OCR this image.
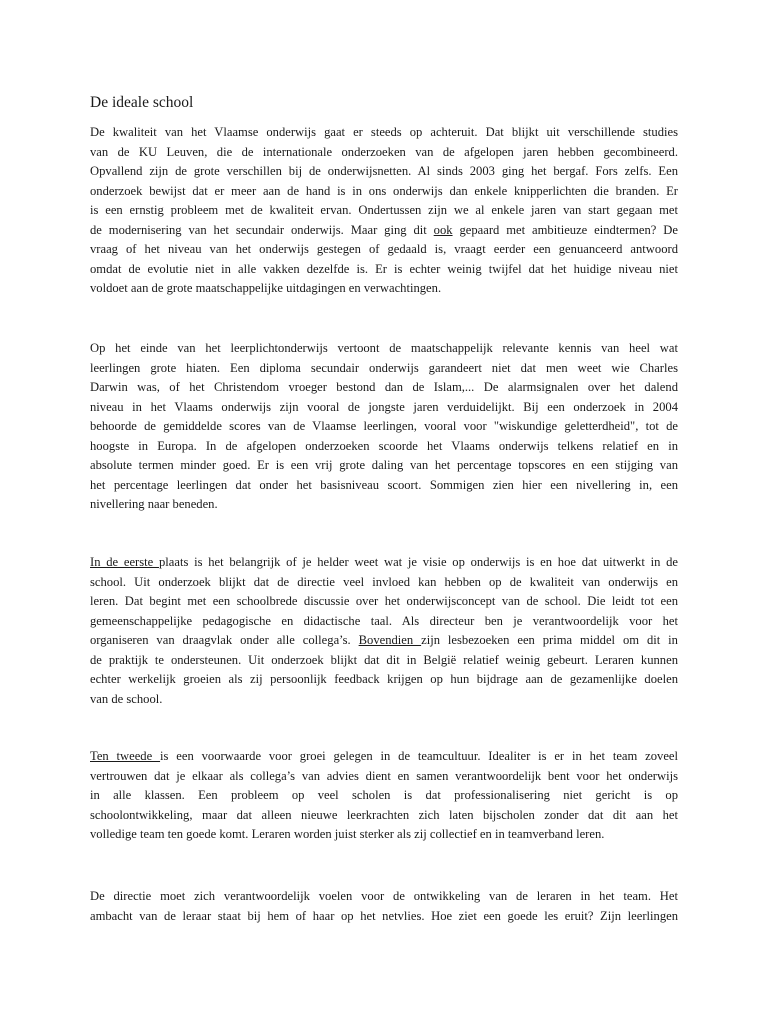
De ideale school
De kwaliteit van het Vlaamse onderwijs gaat er steeds op achteruit. Dat blijkt uit verschillende studies
van de KU Leuven, die de internationale onderzoeken van de afgelopen jaren hebben gecombineerd.
Opvallend zijn de grote verschillen bij de onderwijsnetten. Al sinds 2003 ging het bergaf. Fors zelfs. Een
onderzoek bewijst dat er meer aan de hand is in ons onderwijs dan enkele knipperlichten die branden. Er
is een ernstig probleem met de kwaliteit ervan. Ondertussen zijn we al enkele jaren van start gegaan met
de modernisering van het secundair onderwijs. Maar ging dit ook gepaard met ambitieuze eindtermen? De
vraag of het niveau van het onderwijs gestegen of gedaald is, vraagt eerder een genuanceerd antwoord
omdat de evolutie niet in alle vakken dezelfde is. Er is echter weinig twijfel dat het huidige niveau niet
voldoet aan de grote maatschappelijke uitdagingen en verwachtingen.
Op het einde van het leerplichtonderwijs vertoont de maatschappelijk relevante kennis van heel wat
leerlingen grote hiaten. Een diploma secundair onderwijs garandeert niet dat men weet wie Charles
Darwin was, of het Christendom vroeger bestond dan de Islam,... De alarmsignalen over het dalend
niveau in het Vlaams onderwijs zijn vooral de jongste jaren verduidelijkt. Bij een onderzoek in 2004
behoorde de gemiddelde scores van de Vlaamse leerlingen, vooral voor "wiskundige geletterdheid", tot de
hoogste in Europa. In de afgelopen onderzoeken scoorde het Vlaams onderwijs telkens relatief en in
absolute termen minder goed. Er is een vrij grote daling van het percentage topscores en een stijging van
het percentage leerlingen dat onder het basisniveau scoort. Sommigen zien hier een nivellering in, een
nivellering naar beneden.
In de eerste plaats is het belangrijk of je helder weet wat je visie op onderwijs is en hoe dat uitwerkt in de
school. Uit onderzoek blijkt dat de directie veel invloed kan hebben op de kwaliteit van onderwijs en
leren. Dat begint met een schoolbrede discussie over het onderwijsconcept van de school. Die leidt tot een
gemeenschappelijke pedagogische en didactische taal. Als directeur ben je verantwoordelijk voor het
organiseren van draagvlak onder alle collega’s. Bovendien zijn lesbezoeken een prima middel om dit in
de praktijk te ondersteunen. Uit onderzoek blijkt dat dit in België relatief weinig gebeurt. Leraren kunnen
echter werkelijk groeien als zij persoonlijk feedback krijgen op hun bijdrage aan de gezamenlijke doelen
van de school.
Ten tweede is een voorwaarde voor groei gelegen in de teamcultuur. Idealiter is er in het team zoveel
vertrouwen dat je elkaar als collega’s van advies dient en samen verantwoordelijk bent voor het onderwijs
in alle klassen. Een probleem op veel scholen is dat professionalisering niet gericht is op
schoolontwikkeling, maar dat alleen nieuwe leerkrachten zich laten bijscholen zonder dat dit aan het
volledige team ten goede komt. Leraren worden juist sterker als zij collectief en in teamverband leren.
De directie moet zich verantwoordelijk voelen voor de ontwikkeling van de leraren in het team. Het
ambacht van de leraar staat bij hem of haar op het netvlies. Hoe ziet een goede les eruit? Zijn leerlingen
